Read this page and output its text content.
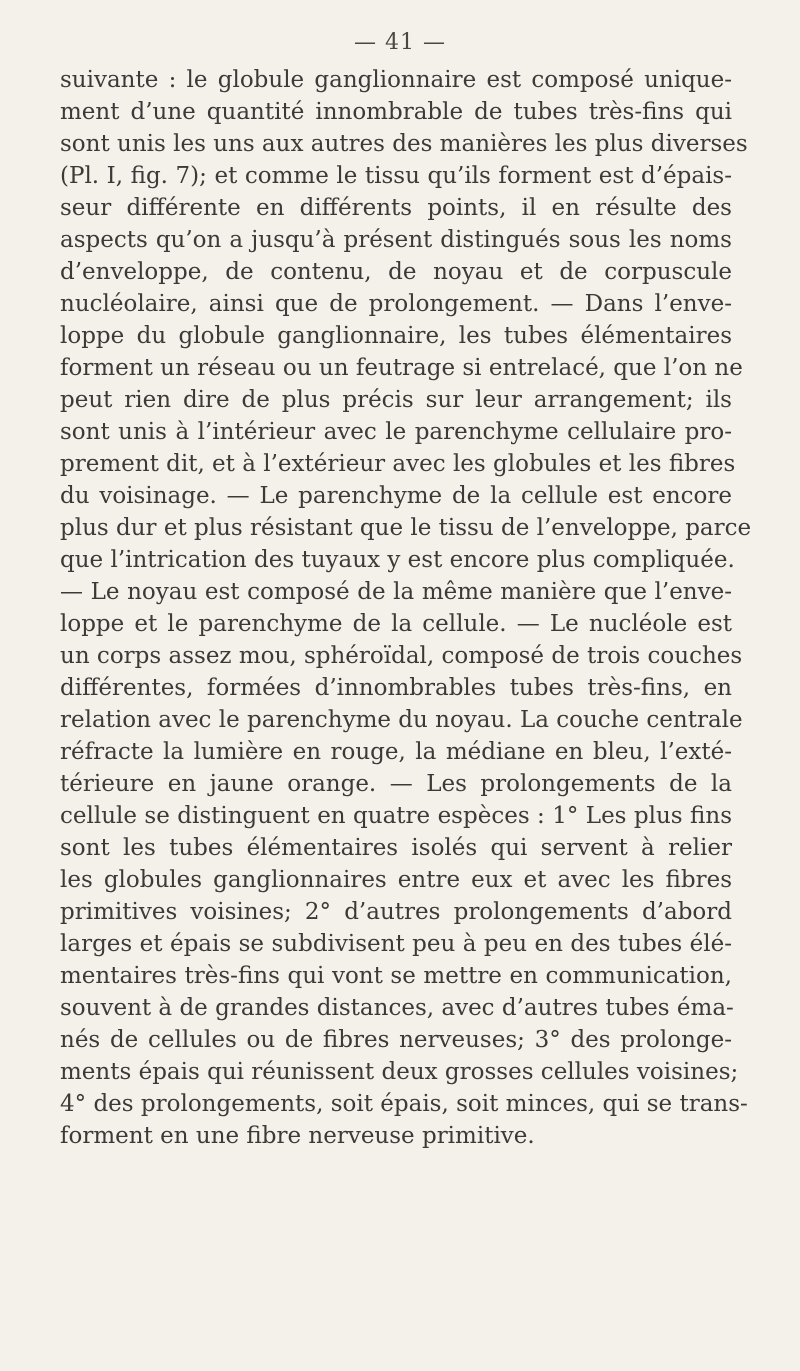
— 41 —
suivante : le globule ganglionnaire est composé unique-
ment d’une quantité innombrable de tubes très-fins qui
sont unis les uns aux autres des manières les plus diverses
(Pl. I, fig. 7); et comme le tissu qu’ils forment est d’épais-
seur différente en différents points, il en résulte des
aspects qu’on a jusqu’à présent distingués sous les noms
d’enveloppe, de contenu, de noyau et de corpuscule
nucléolaire, ainsi que de prolongement. — Dans l’enve-
loppe du globule ganglionnaire, les tubes élémentaires
forment un réseau ou un feutrage si entrelacé, que l’on ne
peut rien dire de plus précis sur leur arrangement; ils
sont unis à l’intérieur avec le parenchyme cellulaire pro-
prement dit, et à l’extérieur avec les globules et les fibres
du voisinage. — Le parenchyme de la cellule est encore
plus dur et plus résistant que le tissu de l’enveloppe, parce
que l’intrication des tuyaux y est encore plus compliquée.
— Le noyau est composé de la même manière que l’enve-
loppe et le parenchyme de la cellule. — Le nucléole est
un corps assez mou, sphéroïdal, composé de trois couches
différentes, formées d’innombrables tubes très-fins, en
relation avec le parenchyme du noyau. La couche centrale
réfracte la lumière en rouge, la médiane en bleu, l’exté-
térieure en jaune orange. — Les prolongements de la
cellule se distinguent en quatre espèces : 1° Les plus fins
sont les tubes élémentaires isolés qui servent à relier
les globules ganglionnaires entre eux et avec les fibres
primitives voisines; 2° d’autres prolongements d’abord
larges et épais se subdivisent peu à peu en des tubes élé-
mentaires très-fins qui vont se mettre en communication,
souvent à de grandes distances, avec d’autres tubes éma-
nés de cellules ou de fibres nerveuses; 3° des prolonge-
ments épais qui réunissent deux grosses cellules voisines;
4° des prolongements, soit épais, soit minces, qui se trans-
forment en une fibre nerveuse primitive.
